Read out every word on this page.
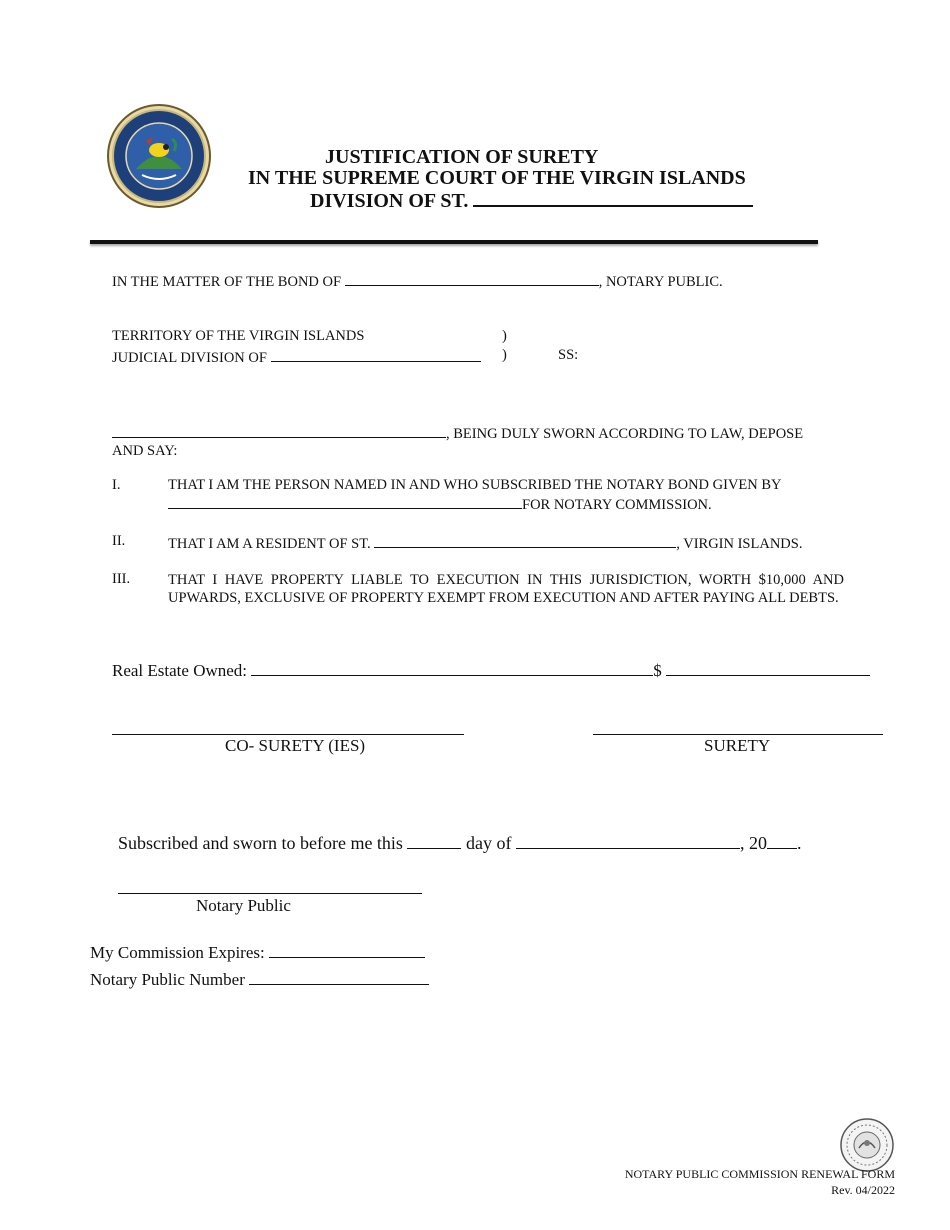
JUSTIFICATION OF SURETY
IN THE SUPREME COURT OF THE VIRGIN ISLANDS
DIVISION OF ST.
IN THE MATTER OF THE BOND OF	, NOTARY PUBLIC.
TERRITORY OF THE VIRGIN ISLANDS	)
JUDICIAL DIVISION OF	)	SS:
, BEING DULY SWORN ACCORDING TO LAW, DEPOSE
AND SAY:
I.	THAT I AM THE PERSON NAMED IN AND WHO SUBSCRIBED THE NOTARY BOND GIVEN BY
FOR NOTARY COMMISSION.
II.	THAT I AM A RESIDENT OF ST.	, VIRGIN ISLANDS.
III.	THAT I HAVE PROPERTY LIABLE TO EXECUTION IN THIS JURISDICTION, WORTH $10,000 AND UPWARDS, EXCLUSIVE OF PROPERTY EXEMPT FROM EXECUTION AND AFTER PAYING ALL DEBTS.
Real Estate Owned:	$
CO- SURETY (IES)	SURETY
Subscribed and sworn to before me this	day of	, 20 .
Notary Public
My Commission Expires:
Notary Public Number
NOTARY PUBLIC COMMISSION RENEWAL FORM
Rev. 04/2022
